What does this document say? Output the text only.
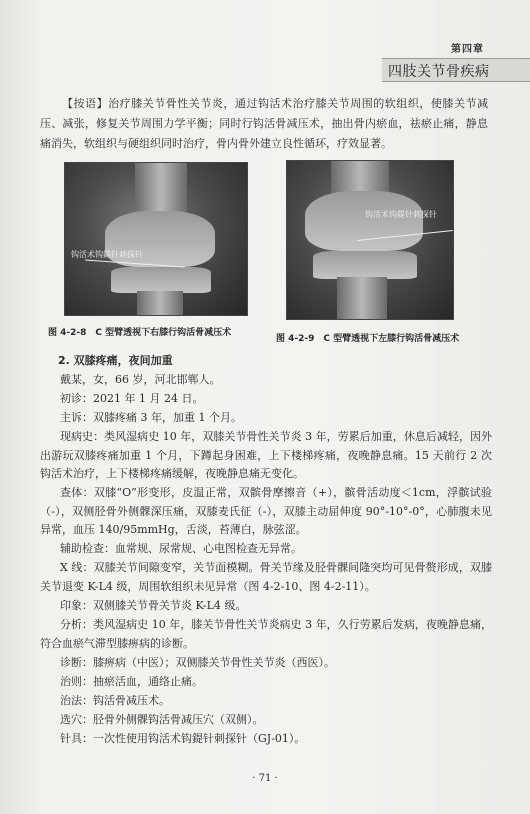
第四章
四肢关节骨疾病
【按语】治疗膝关节骨性关节炎，通过钩活术治疗膝关节周围的软组织，使膝关节减压、减张，修复关节周围力学平衡；同时行钩活骨减压术，抽出骨内瘀血，祛瘀止痛，静息痛消失，软组织与硬组织同时治疗，骨内骨外建立良性循环，疗效显著。
钩活术钩鍉针刺探针
图 4-2-8　C 型臂透视下右膝行钩活骨减压术
钩活术钩鍉针刺探针
图 4-2-9　C 型臂透视下左膝行钩活骨减压术
2. 双膝疼痛，夜间加重
戴某，女，66 岁，河北邯郸人。
初诊：2021 年 1 月 24 日。
主诉：双膝疼痛 3 年，加重 1 个月。
现病史：类风湿病史 10 年，双膝关节骨性关节炎 3 年，劳累后加重，休息后减轻，因外出游玩双膝疼痛加重 1 个月，下蹲起身困难，上下楼梯疼痛，夜晚静息痛。15 天前行 2 次钩活术治疗，上下楼梯疼痛缓解，夜晚静息痛无变化。
查体：双膝“O”形变形，皮温正常，双髌骨摩擦音（+），髌骨活动度＜1cm，浮髌试验（-），双侧胫骨外侧髁深压痛，双膝麦氏征（-），双膝主动屈伸度 90°-10°-0°，心肺腹未见异常，血压 140/95mmHg，舌淡，苔薄白，脉弦涩。
辅助检查：血常规、尿常规、心电图检查无异常。
X 线：双膝关节间隙变窄，关节面模糊。骨关节缘及胫骨髁间隆突均可见骨赘形成，双膝关节退变 K-L4 级，周围软组织未见异常（图 4-2-10、图 4-2-11）。
印象：双侧膝关节骨关节炎 K-L4 级。
分析：类风湿病史 10 年，膝关节骨性关节炎病史 3 年，久行劳累后发病，夜晚静息痛，符合血瘀气滞型膝痹病的诊断。
诊断：膝痹病（中医）；双侧膝关节骨性关节炎（西医）。
治则：抽瘀活血，通络止痛。
治法：钩活骨减压术。
选穴：胫骨外侧髁钩活骨减压穴（双侧）。
针具：一次性使用钩活术钩鍉针刺探针（GJ-01）。
· 71 ·
